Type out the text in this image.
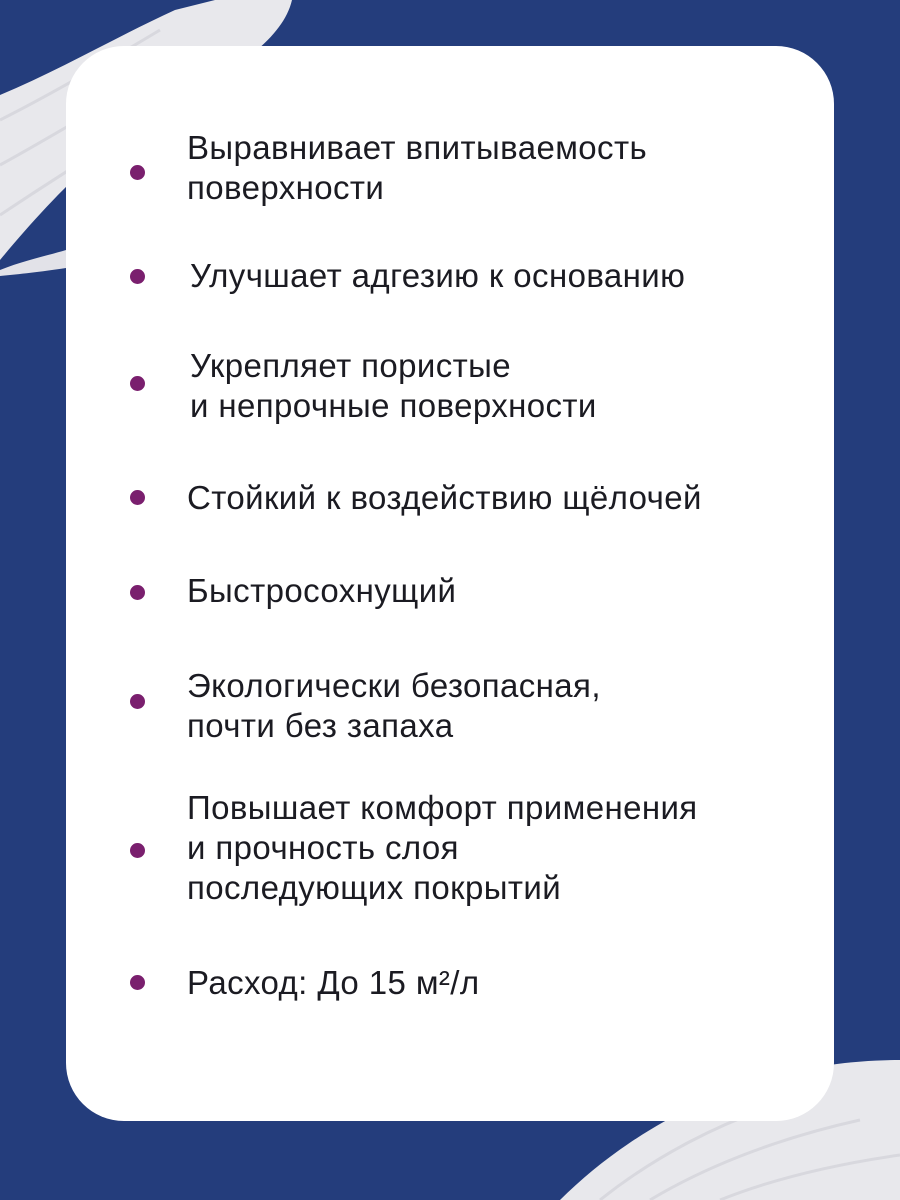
Выравнивает впитываемость
поверхности
Улучшает адгезию к основанию
Укрепляет пористые
и непрочные поверхности
Стойкий к воздействию щёлочей
Быстросохнущий
Экологически безопасная,
почти без запаха
Повышает комфорт применения
и прочность слоя
последующих покрытий
Расход: До 15 м²/л
